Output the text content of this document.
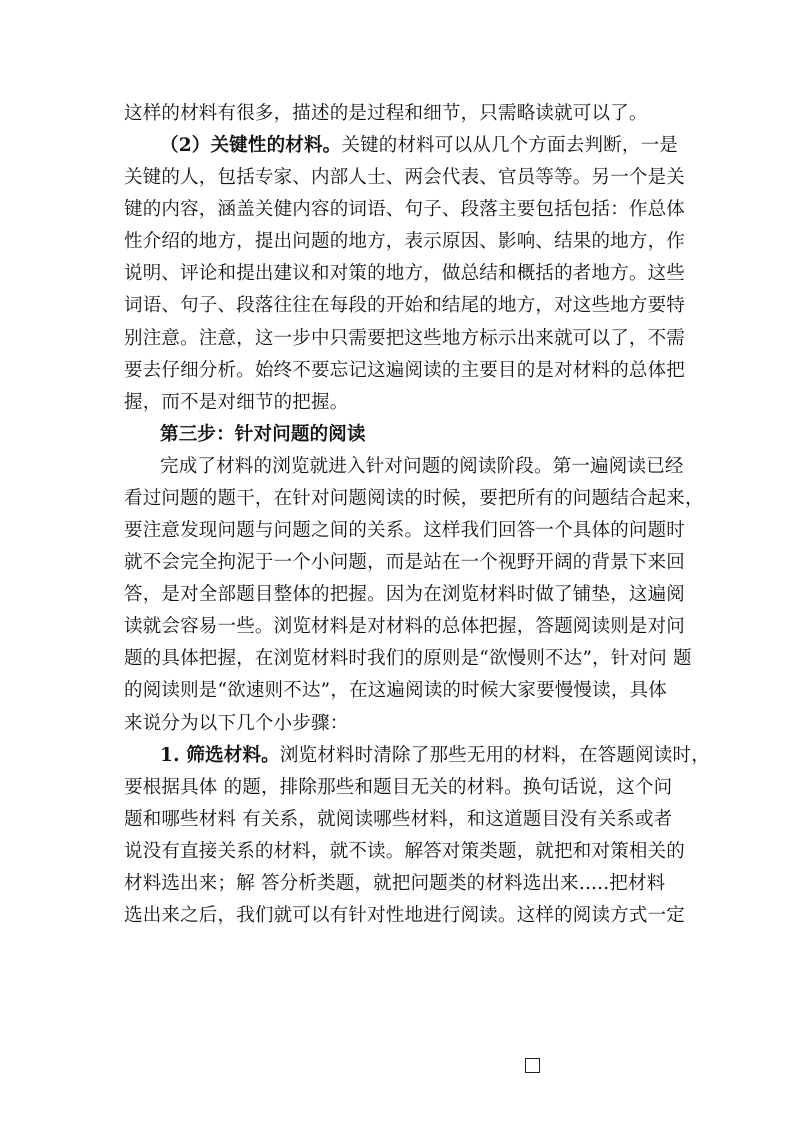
这样的材料有很多，描述的是过程和细节，只需略读就可以了。
（2）关键性的材料。关键的材料可以从几个方面去判断，一是
关键的人，包括专家、内部人士、两会代表、官员等等。另一个是关
键的内容，涵盖关健内容的词语、句子、段落主要包括包括：作总体
性介绍的地方，提出问题的地方，表示原因、影响、结果的地方，作
说明、评论和提出建议和对策的地方，做总结和概括的者地方。这些
词语、句子、段落往往在每段的开始和结尾的地方，对这些地方要特
别注意。注意，这一步中只需要把这些地方标示出来就可以了，不需
要去仔细分析。始终不要忘记这遍阅读的主要目的是对材料的总体把
握，而不是对细节的把握。
第三步：针对问题的阅读
完成了材料的浏览就进入针对问题的阅读阶段。第一遍阅读已经
看过问题的题干，在针对问题阅读的时候，要把所有的问题结合起来，
要注意发现问题与问题之间的关系。这样我们回答一个具体的问题时
就不会完全拘泥于一个小问题，而是站在一个视野开阔的背景下来回
答，是对全部题目整体的把握。因为在浏览材料时做了铺垫，这遍阅
读就会容易一些。浏览材料是对材料的总体把握，答题阅读则是对问
题的具体把握，在浏览材料时我们的原则是“欲慢则不达”，针对问 题
的阅读则是“欲速则不达”，在这遍阅读的时候大家要慢慢读，具体
来说分为以下几个小步骤：
1. 筛选材料。浏览材料时清除了那些无用的材料，在答题阅读时，
要根据具体 的题，排除那些和题目无关的材料。换句话说，这个问
题和哪些材料 有关系，就阅读哪些材料，和这道题目没有关系或者
说没有直接关系的材料，就不读。解答对策类题，就把和对策相关的
材料选出来；解 答分析类题，就把问题类的材料选出来.....把材料
选出来之后，我们就可以有针对性地进行阅读。这样的阅读方式一定
